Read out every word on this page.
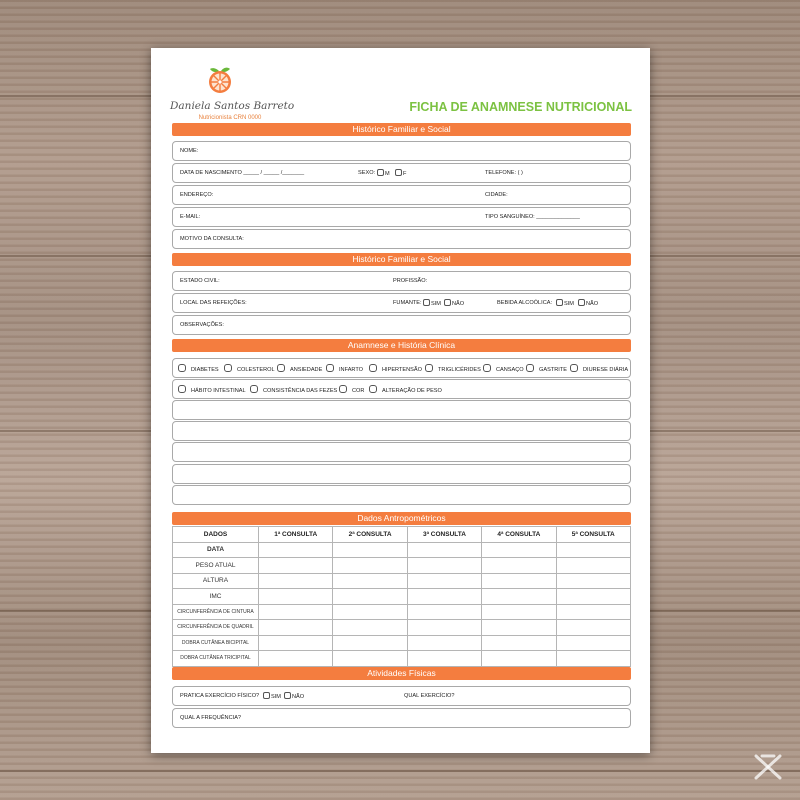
Daniela Santos Barreto
Nutricionista CRN 0000
FICHA DE ANAMNESE NUTRICIONAL
Histórico Familiar e Social
NOME:
DATA DE NASCIMENTO _____ / _____ /_______	SEXO:	M	F	TELEFONE: ( )
ENDEREÇO:	CIDADE:
E-MAIL:	TIPO SANGUÍNEO: ______________
MOTIVO DA CONSULTA:
Histórico Familiar e Social
ESTADO CIVIL:	PROFISSÃO:
LOCAL DAS REFEIÇÕES:	FUMANTE:	SIM	NÃO	BEBIDA ALCOÓLICA:	SIM	NÃO
OBSERVAÇÕES:
Anamnese e História Clínica
DIABETES	COLESTEROL	ANSIEDADE	INFARTO	HIPERTENSÃO	TRIGLICÉRIDES	CANSAÇO	GASTRITE	DIURESE DIÁRIA
HÁBITO INTESTINAL	CONSISTÊNCIA DAS FEZES	COR	ALTERAÇÃO DE PESO
Dados Antropométricos
DADOS	1ª CONSULTA	2ª CONSULTA	3ª CONSULTA	4ª CONSULTA	5ª CONSULTA
DATA					
PESO ATUAL					
ALTURA					
IMC					
CIRCUNFERÊNCIA DE CINTURA					
CIRCUNFERÊNCIA DE QUADRIL					
DOBRA CUTÂNEA BICIPITAL					
DOBRA CUTÂNEA TRICIPITAL					
Atividades Físicas
PRATICA EXERCÍCIO FÍSICO?	SIM	NÃO	QUAL EXERCÍCIO?
QUAL A FREQUÊNCIA?
